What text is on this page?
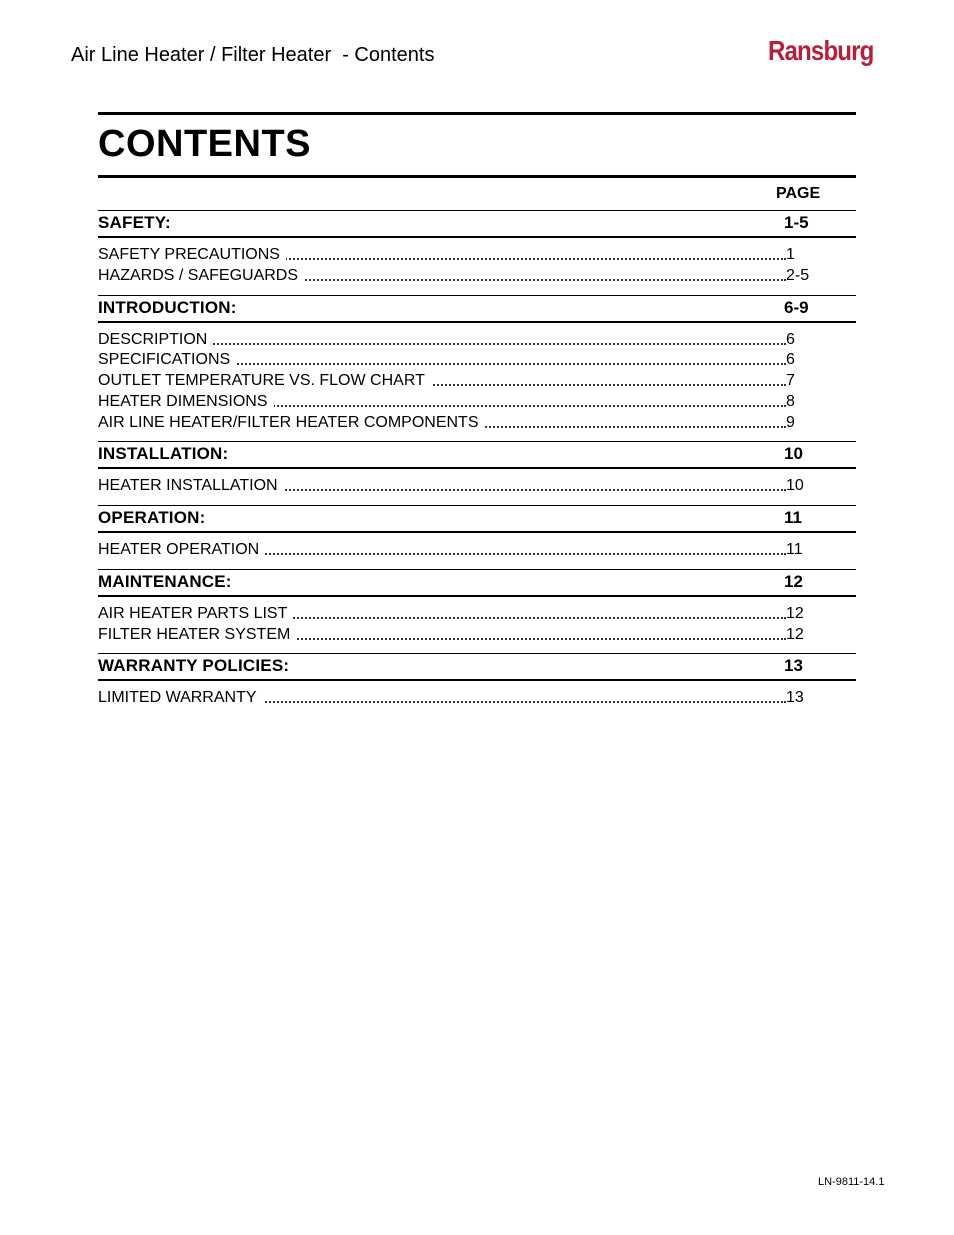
Air Line Heater / Filter Heater  - Contents	Ransburg
CONTENTS
PAGE
SAFETY:	1-5
SAFETY PRECAUTIONS	1
HAZARDS / SAFEGUARDS	2-5
INTRODUCTION:	6-9
DESCRIPTION	6
SPECIFICATIONS	6
OUTLET TEMPERATURE VS. FLOW CHART	7
HEATER DIMENSIONS	8
AIR LINE HEATER/FILTER HEATER COMPONENTS	9
INSTALLATION:	10
HEATER INSTALLATION	10
OPERATION:	11
HEATER OPERATION	11
MAINTENANCE:	12
AIR HEATER PARTS LIST	12
FILTER HEATER SYSTEM	12
WARRANTY POLICIES:	13
LIMITED WARRANTY	13
LN-9811-14.1
